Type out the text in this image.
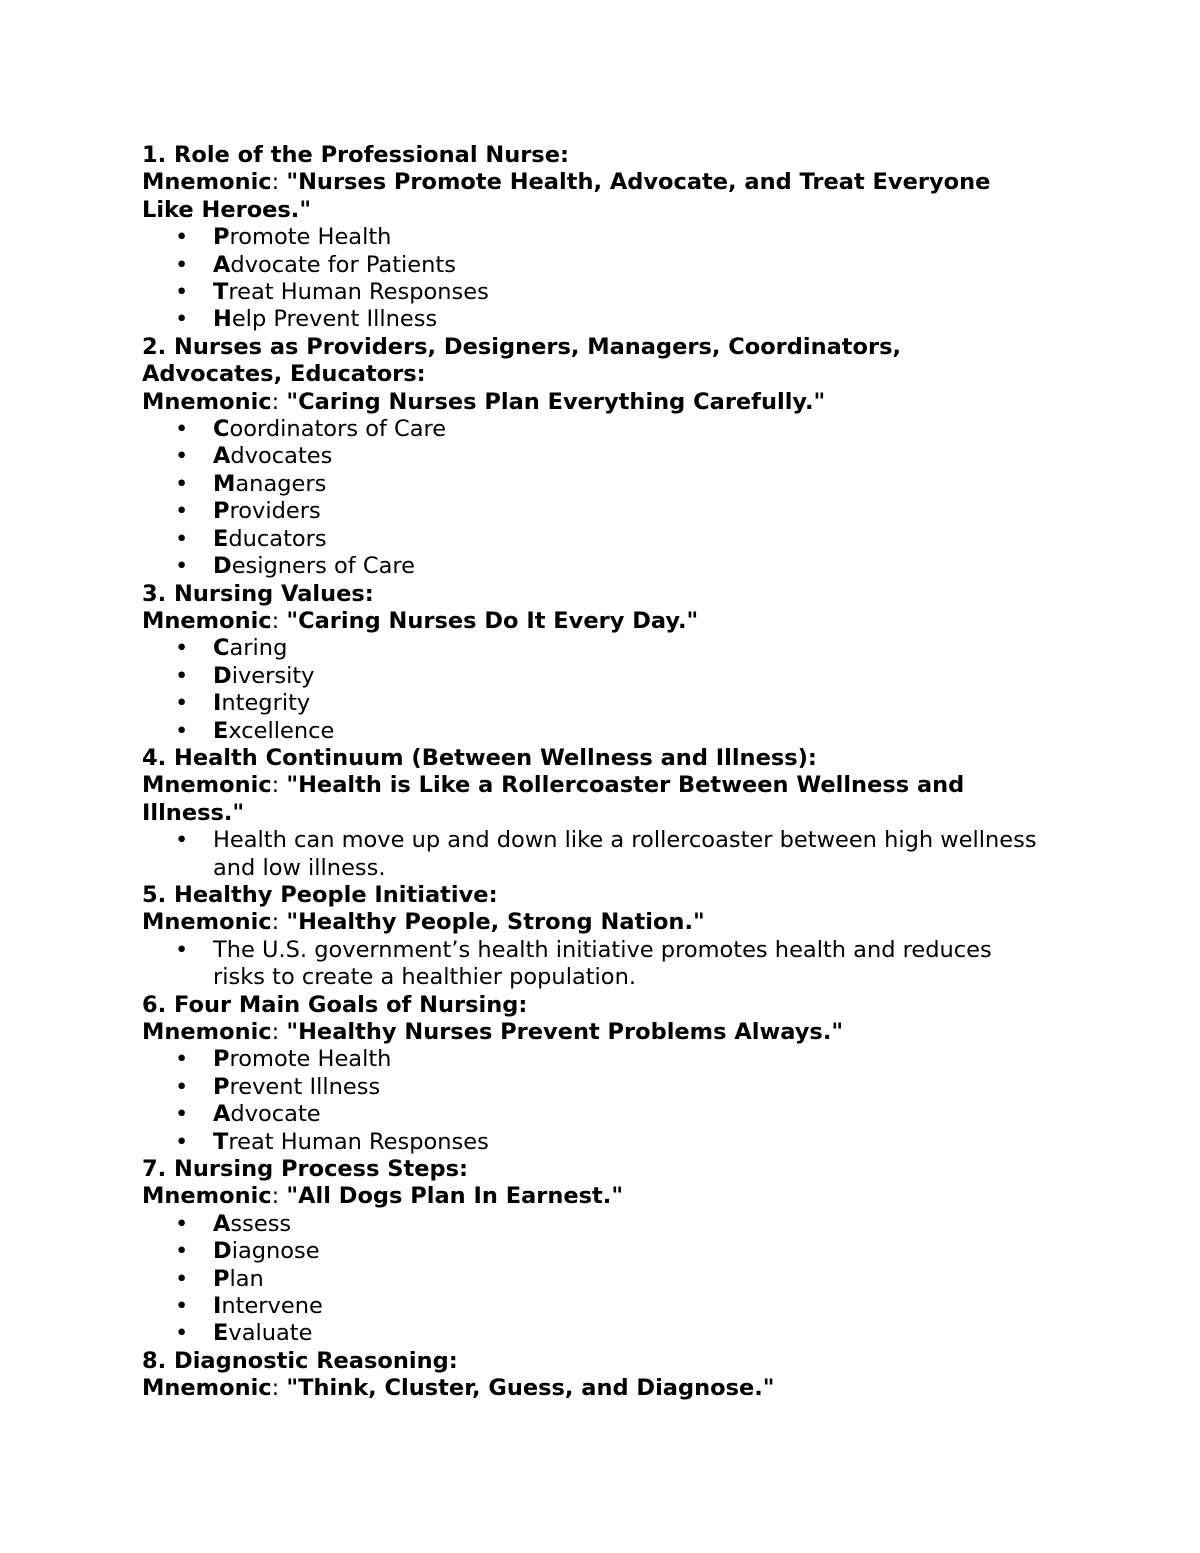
1. Role of the Professional Nurse:
Mnemonic: "Nurses Promote Health, Advocate, and Treat Everyone Like Heroes."
• Promote Health
• Advocate for Patients
• Treat Human Responses
• Help Prevent Illness
2. Nurses as Providers, Designers, Managers, Coordinators, Advocates, Educators:
Mnemonic: "Caring Nurses Plan Everything Carefully."
• Coordinators of Care
• Advocates
• Managers
• Providers
• Educators
• Designers of Care
3. Nursing Values:
Mnemonic: "Caring Nurses Do It Every Day."
• Caring
• Diversity
• Integrity
• Excellence
4. Health Continuum (Between Wellness and Illness):
Mnemonic: "Health is Like a Rollercoaster Between Wellness and Illness."
• Health can move up and down like a rollercoaster between high wellness and low illness.
5. Healthy People Initiative:
Mnemonic: "Healthy People, Strong Nation."
• The U.S. government’s health initiative promotes health and reduces risks to create a healthier population.
6. Four Main Goals of Nursing:
Mnemonic: "Healthy Nurses Prevent Problems Always."
• Promote Health
• Prevent Illness
• Advocate
• Treat Human Responses
7. Nursing Process Steps:
Mnemonic: "All Dogs Plan In Earnest."
• Assess
• Diagnose
• Plan
• Intervene
• Evaluate
8. Diagnostic Reasoning:
Mnemonic: "Think, Cluster, Guess, and Diagnose."
